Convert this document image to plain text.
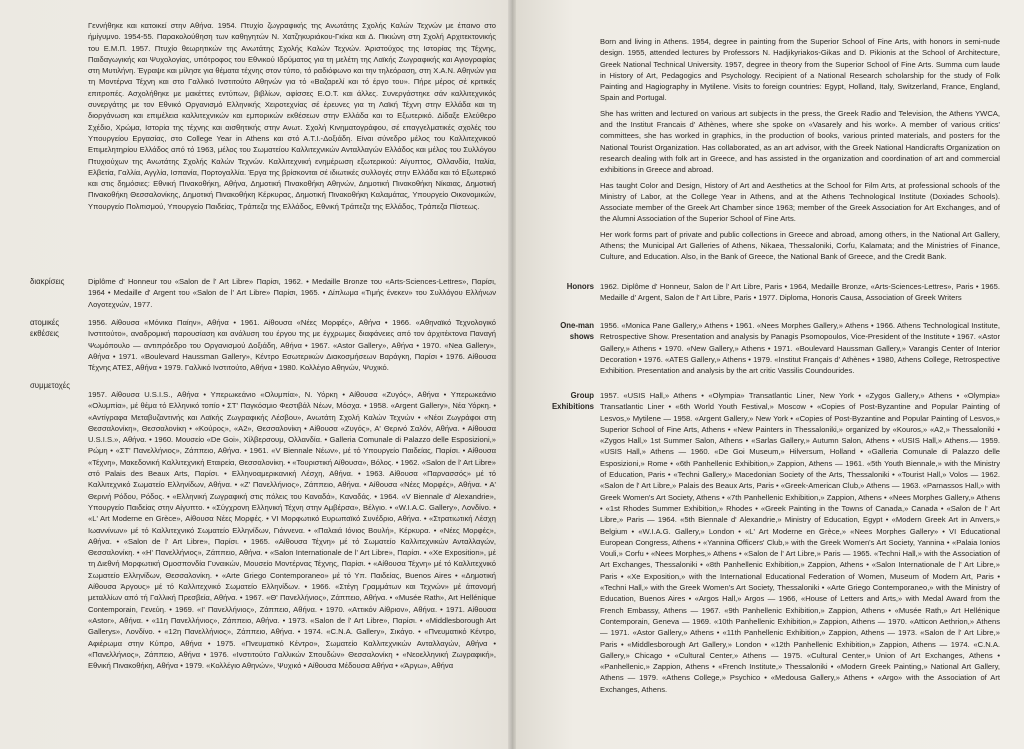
Γεννήθηκε και κατοικεί στην Αθήνα. 1954. Πτυχίο ζωγραφικής της Ανωτάτης Σχολής Καλών Τεχνών με έπαινο στο ήμίγυμνο. 1954-55. Παρακολούθηση των καθηγητών Ν. Χατζηκυριάκου-Γκίκα και Δ. Πικιώνη στη Σχολή Αρχιτεκτονικής του Ε.Μ.Π. 1957. Πτυχίο θεωρητικών της Ανωτάτης Σχολής Καλών Τεχνών. Άριστούχος της Ιστορίας της Τέχνης, Παιδαγωγικής και Ψυχολογίας, υπότροφος του Εθνικού Ιδρύματος για τη μελέτη της Λαϊκής Ζωγραφικής και Αγιογραφίας στη Μυτιλήνη. Έγραψε και μίλησε για θέματα τέχνης στον τύπο, τό ραδιόφωνο και την τηλεόραση, στη Χ.Α.Ν. Αθηνών για τη Μοντέρνα Τέχνη και στο Γαλλικό Ινστιτούτο Αθηνών για τό «Βαζαρελί και τό έργο του». Πήρε μέρος σέ κριτικές επιτροπές. Ασχολήθηκε με μακέττες εντύπων, βιβλίων, αφίσσες Ε.Ο.Τ. και άλλες. Συνεργάστηκε σάν καλλιτεχνικός συνεργάτης με τον Εθνικό Οργανισμό Ελληνικής Χειροτεχνίας σέ έρευνες για τη Λαϊκή Τέχνη στην Ελλάδα και τη διοργάνωση και επιμέλεια καλλιτεχνικών και εμπορικών εκθέσεων στην Ελλάδα και το Εξωτερικό. Δίδαξε Ελεύθερο Σχέδιο, Χρώμα, Ιστορία της τέχνης και αισθητικής στην Ανωτ. Σχολή Κινηματογράφου, σέ επαγγελματικές σχολές του Υπουργείου Εργασίας, στο College Year in Athens και στό Α.Τ.Ι.-Δοξιάδη. Είναι σύνεδρο μέλος του Καλλιτεχνικού Επιμελητηρίου Ελλάδος από τό 1963, μέλος του Σωματείου Καλλιτεχνικών Ανταλλαγών Ελλάδος και μέλος του Συλλόγου Πτυχιούχων της Ανωτάτης Σχολής Καλών Τεχνών. Καλλιτεχνική ενημέρωση εξωτερικού: Αίγυπτος, Ολλανδία, Ιταλία, Ελβετία, Γαλλία, Αγγλία, Ισπανία, Πορτογαλλία. Έργα της βρίσκονται σέ ιδιωτικές συλλογές στην Ελλάδα και τό Εξωτερικό και στις δημόσιες: Εθνική Πινακοθήκη, Αθήνα, Δημοτική Πινακοθήκη Αθηνών, Δημοτική Πινακοθήκη Νίκαιας, Δημοτική Πινακοθήκη Θεσσαλονίκης, Δημοτική Πινακοθήκη Κέρκυρας, Δημοτική Πινακοθήκη Καλαμάτας, Υπουργείο Οικονομικών, Υπουργείο Πολιτισμού, Υπουργείο Παιδείας, Τράπεζα της Ελλάδος, Εθνική Τράπεζα της Ελλάδος, Τράπεζα Πίστεως.
διακρίσεις	Diplôme d' Honneur του «Salon de l' Art Libre» Παρίσι, 1962. • Medaille Bronze του «Arts-Sciences-Lettres», Παρίσι, 1964 • Medaille d' Argent του «Salon de l' Art Libre» Παρίσι, 1965. • Δίπλωμα «Τιμής ένεκεν» του Συλλόγου Ελλήνων Λογοτεχνών, 1977.
ατομικές
εκθέσεις
1956. Αίθουσα «Μόνικα Παίην», Αθήνα • 1961. Αίθουσα «Νέες Μορφές», Αθήνα • 1966. «Αθηναϊκό Τεχνολογικό Ινστιτούτο», αναδρομική παρουσίαση και ανάλυση του έργου της με έγχρωμες διαφάνειες από τον άρχιτέκτονα Παναγή Ψωμόπουλο — αντιπρόεδρο του Οργανισμού Δοξιάδη, Αθήνα • 1967. «Astor Gallery», Αθήνα • 1970. «Nea Gallery», Αθήνα • 1971. «Boulevard Haussman Gallery», Κέντρο Εσωτερικών Διακοσμήσεων Βαράγκη, Παρίσι • 1976. Αίθουσα Τέχνης ΑΤΕΣ, Αθήνα • 1979. Γαλλικό Ινστιτούτο, Αθήνα • 1980. Κολλέγιο Αθηνών, Ψυχικό.
συμμετοχές
1957. Αίθουσα U.S.I.S., Αθήνα • Υπερωκεάνιο «Ολυμπία», Ν. Υόρκη • Αίθουσα «Ζυγός», Αθήνα • Υπερωκεάνιο «Ολυμπία», μέ θέμα τό Ελληνικό τοπίο • ΣΤ' Παγκόσμιο Φεστιβάλ Νέων, Μόσχα. • 1958. «Argent Gallery», Νέα Υόρκη. • «Αντίγραφα Μεταβυζαντινής και Λαϊκής Ζωγραφικής Λέσβου», Ανωτάτη Σχολή Καλών Τεχνών • «Νέοι Ζωγράφοι στη Θεσσαλονίκη», Θεσσαλονίκη • «Κούρος», «Α2», Θεσσαλονίκη • Αίθουσα «Ζυγός», Α' Θερινό Σαλόν, Αθήνα. • Αίθουσα U.S.I.S.», Αθήνα. • 1960. Μουσείο «De Goi», Χίλβερσουμ, Ολλανδία. • Galleria Comunale di Palazzo delle Esposizioni,» Ρώμη • «ΣΤ' Πανελλήνιος», Ζάππειο, Αθήνα. • 1961. «V Biennale Νέων», μέ τό Υπουργείο Παιδείας, Παρίσι. • Αίθουσα «Τέχνη», Μακεδονική Καλλιτεχνική Εταιρεία, Θεσσαλονίκη. • «Τουριστική Αίθουσα», Βόλος. • 1962. «Salon de l' Art Libre» στό Palais des Beaux Arts, Παρίσι. • Ελληνοαμερικανική Λέσχη, Αθήνα. • 1963. Αίθουσα «Παρνασσός» μέ τό Καλλιτεχνικό Σωματείο Ελληνίδων, Αθήνα. • «Ζ' Πανελλήνιος», Ζάππειο, Αθήνα. • Αίθουσα «Νέες Μορφές», Αθήνα. • Α' Θερινή Ρόδου, Ρόδος. • «Ελληνική Ζωγραφική στις πόλεις του Καναδά», Καναδάς. • 1964. «V Biennale d' Alexandrie», Υπουργείο Παιδείας στην Αίγυπτο. • «Σύγχρονη Ελληνική Τέχνη στην Αμβέρσα», Βέλγιο. • «W.I.A.C. Gallery», Λονδίνο. • «L' Art Moderne en Grèce», Αίθουσα Νέες Μορφές. • VI Μορφωτικό Ευρωπαϊκό Συνέδριο, Αθήνα. • «Στρατιωτική Λέσχη Ιωαννίνων» μέ τό Καλλιτεχνικό Σωματείο Ελληνίδων, Γιάννενα. • «Παλαιά Ιόνιος Βουλή», Κέρκυρα. • «Νέες Μορφές», Αθήνα. • «Salon de l' Art Libre», Παρίσι. • 1965. «Αίθουσα Τέχνη» μέ τό Σωματείο Καλλιτεχνικών Ανταλλαγών, Θεσσαλονίκη. • «Η' Πανελλήνιος», Ζάππειο, Αθήνα. • «Salon Internationale de l' Art Libre», Παρίσι. • «Xe Exposition», μέ τη Διεθνή Μορφωτική Ομοσπονδία Γυναικών, Μουσείο Μοντέρνας Τέχνης, Παρίσι. • «Αίθουσα Τέχνη» μέ τό Καλλιτεχνικό Σωματείο Ελληνίδων, Θεσσαλονίκη. • «Arte Griego Contemporaneo» μέ τό Υπ. Παιδείας, Buenos Aires • «Δημοτική Αίθουσα Άργους» μέ τό Καλλιτεχνικό Σωματείο Ελληνίδων. • 1966. «Στέγη Γραμμάτων και Τεχνών» μέ άπονομή μεταλλίων από τή Γαλλική Πρεσβεία, Αθήνα. • 1967. «Θ' Πανελλήνιος», Ζάππειο, Αθήνα. • «Musée Rath», Art Hellénique Contemporain, Γενεύη. • 1969. «Ι' Πανελλήνιος», Ζάππειο, Αθήνα. • 1970. «Αττικόν Αίθριον», Αθήνα. • 1971. Αίθουσα «Astor», Αθήνα. • «11η Πανελλήνιος», Ζάππειο, Αθήνα. • 1973. «Salon de l' Art Libre», Παρίσι. • «Middlesborough Art Gallerys», Λονδίνο. • «12η Πανελλήνιος», Ζάππειο, Αθήνα. • 1974. «C.N.A. Gallery», Σικάγο. • «Πνευματικό Κέντρο, Αφιέρωμα στην Κύπρο, Αθήνα • 1975. «Πνευματικό Κέντρο», Σωματείο Καλλιτεχνικών Ανταλλαγών, Αθήνα • «Πανελλήνιος», Ζάππειο, Αθήνα • 1976. «Ινστιτούτο Γαλλικών Σπουδών» Θεσσαλονίκη • «Νεοελληνική Ζωγραφική», Εθνική Πινακοθήκη, Αθήνα • 1979. «Κολλέγιο Αθηνών», Ψυχικό • Αίθουσα Μέδουσα Αθήνα • «Άργω», Αθήνα

Born and living in Athens. 1954, degree in painting from the Superior School of Fine Arts, with honors in semi-nude design. 1955, attended lectures by Professors N. Hadjikyriakos-Gikas and D. Pikionis at the School of Architecture, Greek National Technical University. 1957, degree in theory from the Superior School of Fine Arts. Summa cum laude in History of Art, Pedagogics and Psychology. Recipient of a National Research scholarship for the study of Folk Painting and Hagiography in Mytilene. Visits to foreign countries: Egypt, Holland, Italy, Switzerland, France, England, Spain and Portugal.

She has written and lectured on various art subjects in the press, the Greek Radio and Television, the Athens YWCA, and the Institut Francais d' Athènes, where she spoke on «Vasarely and his work». A member of various critics' committees, she has worked in graphics, in the production of books, various printed materials, and posters for the National Tourist Organization. Has collaborated, as an art advisor, with the Greek National Handicrafts Organization on research dealing with folk art in Greece, and has assisted in the organization and coordination of art and commercial exhibitions in Greece and abroad.

Has taught Color and Design, History of Art and Aesthetics at the School for Film Arts, at professional schools of the Ministry of Labor, at the College Year in Athens, and at the Athens Technological Institute (Doxiades Schools). Associate member of the Greek Art Chamber since 1963; member of the Greek Association for Art Exchanges, and of the Alumni Association of the Superior School of Fine Arts.

Her work forms part of private and public collections in Greece and abroad, among others, in the National Art Gallery, Athens; the Municipal Art Galleries of Athens, Nikaea, Thessaloniki, Corfu, Kalamata; and the Ministries of Finance, Culture, and Education. Also, in the Bank of Greece, the National Bank of Greece, and the Credit Bank.

Honors 1962. Diplôme d' Honneur, Salon de l' Art Libre, Paris • 1964, Medaille Bronze, «Arts-Sciences-Lettres», Paris • 1965. Medaille d' Argent, Salon de l' Art Libre, Paris • 1977. Diploma, Honoris Causa, Association of Greek Writers
One-man
shows
1956. «Monica Pane Gallery,» Athens • 1961. «Nees Morphes Gallery,» Athens • 1966. Athens Technological Institute, Retrospective Show. Presentation and analysis by Panagis Psomopoulos, Vice-President of the Institute • 1967. «Astor Gallery,» Athens • 1970. «New Gallery,» Athens • 1971. «Boulevard Haussman Gallery,» Varangis Center of Interior Decoration • 1976. «ATES Gallery,» Athens • 1979. «Institut Français d' Athènes • 1980, Athens College, Retrospective Exhibition. Presentation and analysis by the art critic Vassilis Coundourides.
Group
Exhibitions
1957. «USIS Hall,» Athens • «Olympia» Transatlantic Liner, New York • «Zygos Gallery,» Athens • «Olympia» Transatlantic Liner • «6th World Youth Festival,» Moscow • «Copies of Post-Byzantine and Popular Painting of Lesvos,» Mytilene — 1958. «Argent Gallery,» New York • «Copies of Post-Byzantine and Popular Painting of Lesvos,» Superior School of Fine Arts, Athens • «New Painters in Thessaloniki,» organized by «Kouros,» «A2,» Thessaloniki • «Zygos Hall,» 1st Summer Salon, Athens • «Sarlas Gallery,» Autumn Salon, Athens • «USIS Hall,» Athens.— 1959. «USIS Hall,» Athens — 1960. «De Goi Museum,» Hilversum, Holland • «Galleria Comunale di Palazzo delle Esposizioni,» Rome • «6th Panhellenic Exhibition,» Zappion, Athens — 1961. «5th Youth Biennale,» with the Ministry of Education, Paris • «Techni Gallery,» Macedonian Society of the Arts, Thessaloniki • «Tourist Hall,» Volos — 1962. «Salon de l' Art Libre,» Palais des Beaux Arts, Paris • «Greek-American Club,» Athens — 1963. «Parnassos Hall,» with Greek Women's Art Society, Athens • «7th Panhellenic Exhibition,» Zappion, Athens • «Nees Morphes Gallery,» Athens • «1st Rhodes Summer Exhibition,» Rhodes • «Greek Painting in the Towns of Canada,» Canada • «Salon de l' Art Libre,» Paris — 1964. «5th Biennale d' Alexandrie,» Ministry of Education, Egypt • «Modern Greek Art in Anvers,» Belgium • «W.I.A.G. Gallery,» London • «L' Art Moderne en Grèce,» «Nees Morphes Gallery» • VI Educational European Congress, Athens • «Yannina Officers' Club,» with the Greek Women's Art Society, Yannina • «Palaia Ionios Vouli,» Corfu • «Nees Morphes,» Athens • «Salon de l' Art Libre,» Paris — 1965. «Techni Hall,» with the Association of Art Exchanges, Thessaloniki • «8th Panhellenic Exhibition,» Zappion, Athens • «Salon Internationale de l' Art Libre,» Paris • «Xe Exposition,» with the International Educational Federation of Women, Museum of Modern Art, Paris • «Techni Hall,» with the Greek Women's Art Society, Thessaloniki • «Arte Griego Contemporaneo,» with the Ministry of Education, Buenos Aires • «Argos Hall,» Argos — 1966, «House of Letters and Arts,» with Medal Award from the French Embassy, Athens — 1967. «9th Panhellenic Exhibition,» Zappion, Athens • «Musée Rath,» Art Hellénique Contemporain, Geneva — 1969. «10th Panhellenic Exhibition,» Zappion, Athens — 1970. «Atticon Aethrion,» Athens — 1971. «Astor Gallery,» Athens • «11th Panhellenic Exhibition,» Zappion, Athens — 1973. «Salon de l' Art Libre,» Paris • «Middlesborough Art Gallery,» London • «12th Panhellenic Exhibition,» Zappion, Athens — 1974. «C.N.A. Gallery,» Chicago • «Cultural Center,» Athens — 1975. «Cultural Center,» Union of Art Exchanges, Athens • «Panhellenic,» Zappion, Athens • «French Institute,» Thessaloniki • «Modern Greek Painting,» National Art Gallery, Athens — 1979. «Athens College,» Psychico • «Medousa Gallery,» Athens • «Argo» with the Association of Art Exchanges, Athens.
